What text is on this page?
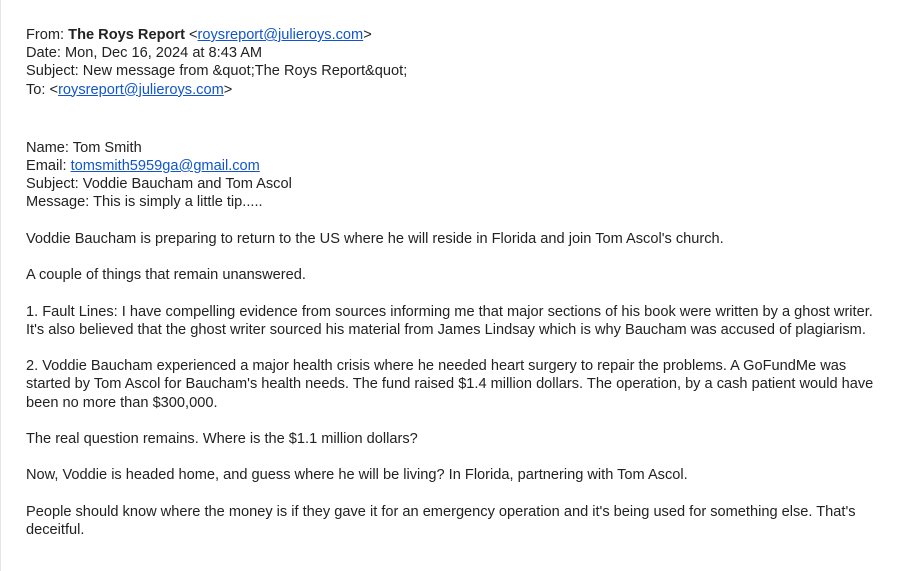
From: The Roys Report <roysreport@julieroys.com>
Date: Mon, Dec 16, 2024 at 8:43 AM
Subject: New message from &quot;The Roys Report&quot;
To: <roysreport@julieroys.com>
Name: Tom Smith
Email: tomsmith5959ga@gmail.com
Subject: Voddie Baucham and Tom Ascol
Message: This is simply a little tip.....

Voddie Baucham is preparing to return to the US where he will reside in Florida and join Tom Ascol's church.

A couple of things that remain unanswered.

1. Fault Lines: I have compelling evidence from sources informing me that major sections of his book were written by a ghost writer. It's also believed that the ghost writer sourced his material from James Lindsay which is why Baucham was accused of plagiarism.

2. Voddie Baucham experienced a major health crisis where he needed heart surgery to repair the problems. A GoFundMe was started by Tom Ascol for Baucham's health needs. The fund raised $1.4 million dollars. The operation, by a cash patient would have been no more than $300,000.

The real question remains. Where is the $1.1 million dollars?

Now, Voddie is headed home, and guess where he will be living? In Florida, partnering with Tom Ascol.

People should know where the money is if they gave it for an emergency operation and it's being used for something else. That's deceitful.
